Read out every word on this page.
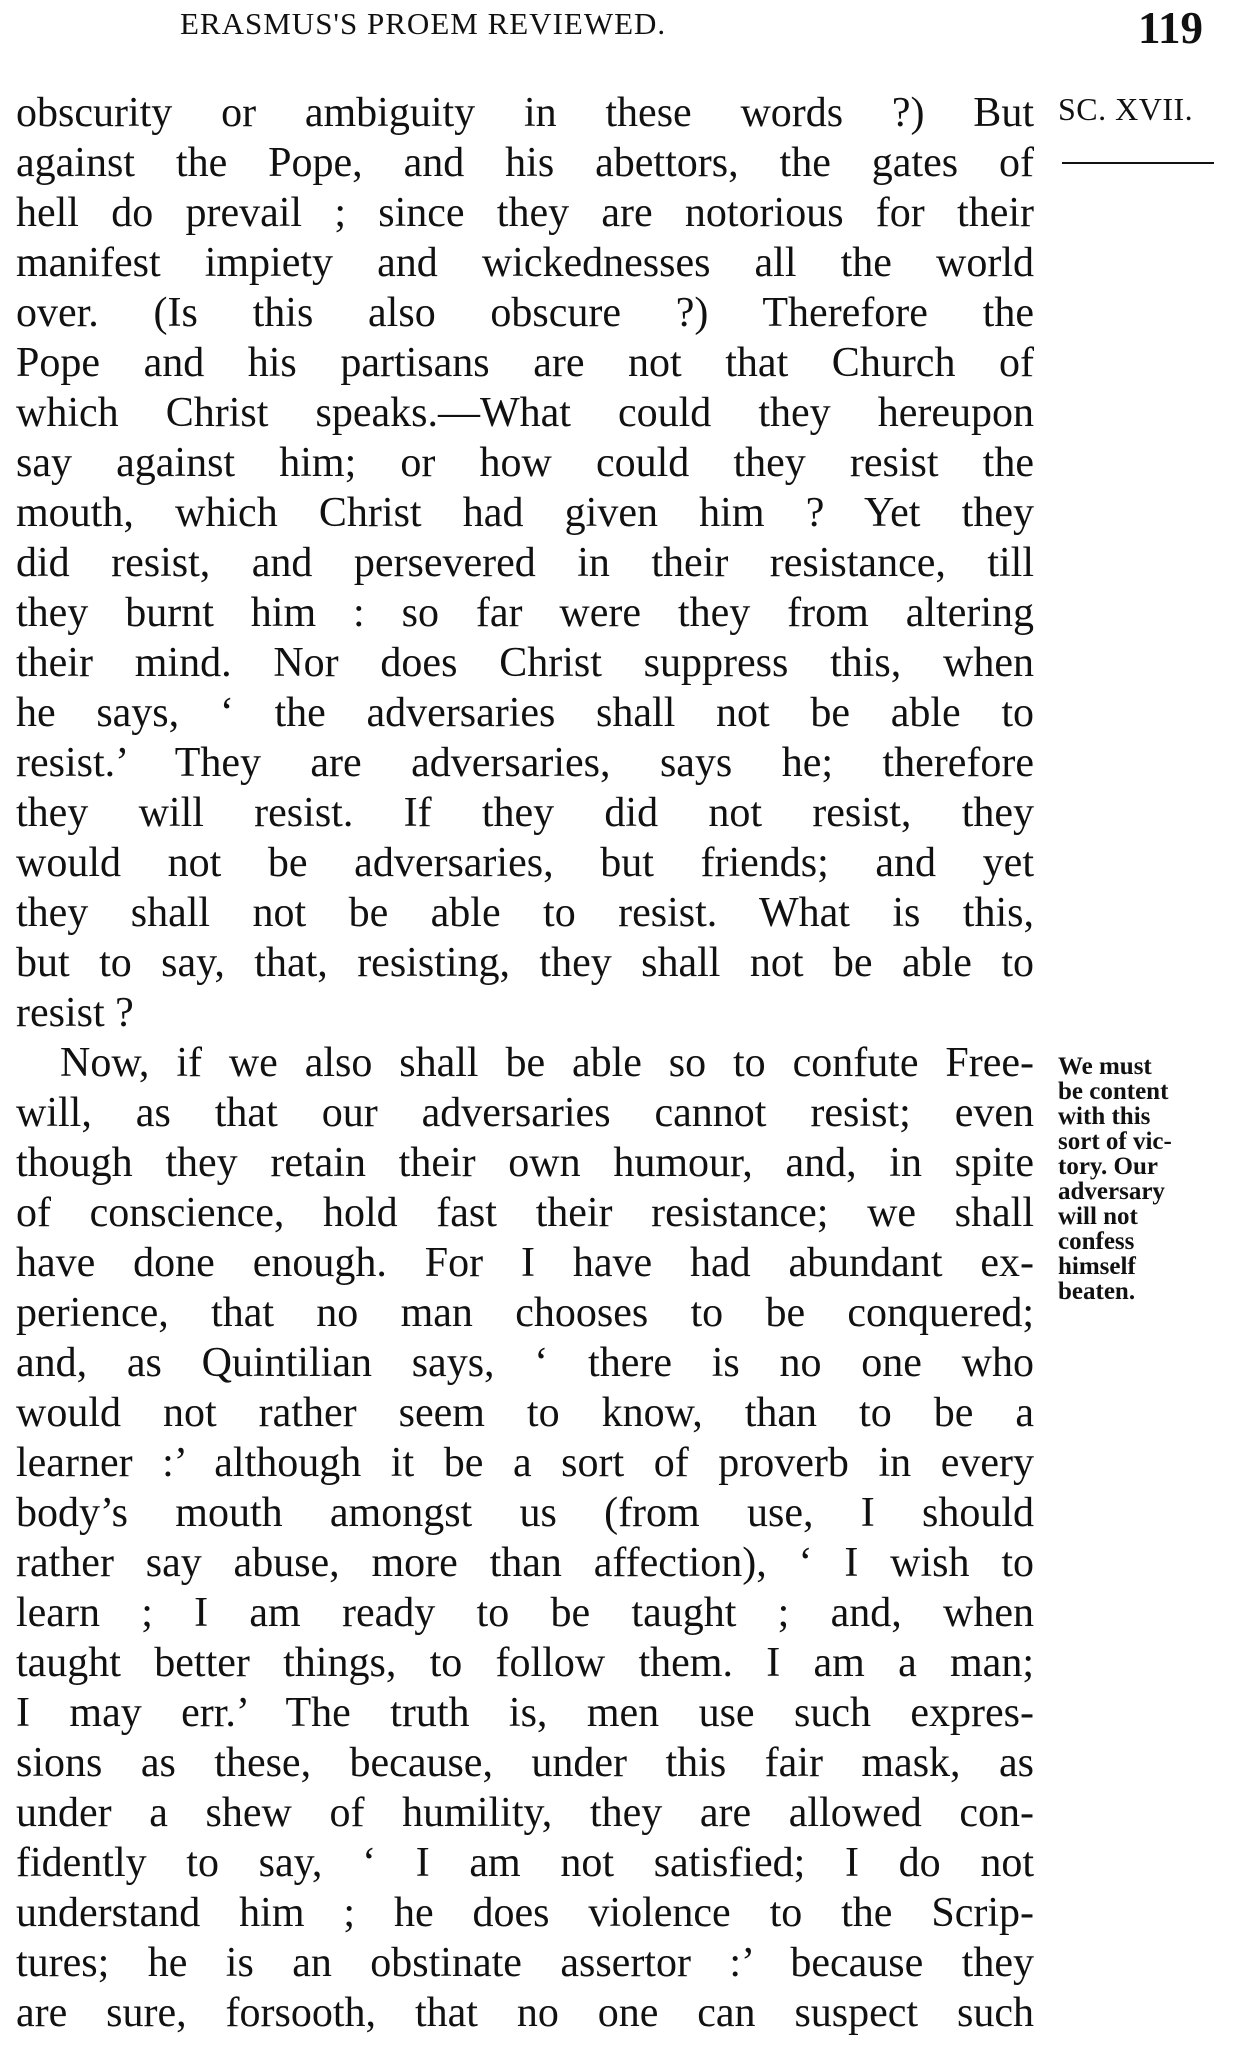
ERASMUS'S PROEM REVIEWED.	119
SC. XVII.
obscurity or ambiguity in these words ?) But
against the Pope, and his abettors, the gates of
hell do prevail ; since they are notorious for their
manifest impiety and wickednesses all the world
over. (Is this also obscure ?) Therefore the
Pope and his partisans are not that Church of
which Christ speaks.—What could they hereupon
say against him; or how could they resist the
mouth, which Christ had given him ? Yet they
did resist, and persevered in their resistance, till
they burnt him : so far were they from altering
their mind. Nor does Christ suppress this, when
he says, ‘ the adversaries shall not be able to
resist.’ They are adversaries, says he; therefore
they will resist. If they did not resist, they
would not be adversaries, but friends; and yet
they shall not be able to resist. What is this,
but to say, that, resisting, they shall not be able to
resist ?
Now, if we also shall be able so to confute Free-
will, as that our adversaries cannot resist; even
though they retain their own humour, and, in spite
of conscience, hold fast their resistance; we shall
have done enough. For I have had abundant ex-
perience, that no man chooses to be conquered;
and, as Quintilian says, ‘ there is no one who
would not rather seem to know, than to be a
learner :’ although it be a sort of proverb in every
body’s mouth amongst us (from use, I should
rather say abuse, more than affection), ‘ I wish to
learn ; I am ready to be taught ; and, when
taught better things, to follow them. I am a man;
I may err.’ The truth is, men use such expres-
sions as these, because, under this fair mask, as
under a shew of humility, they are allowed con-
fidently to say, ‘ I am not satisfied; I do not
understand him ; he does violence to the Scrip-
tures; he is an obstinate assertor :’ because they
are sure, forsooth, that no one can suspect such
We must
be content
with this
sort of vic-
tory. Our
adversary
will not
confess
himself
beaten.
